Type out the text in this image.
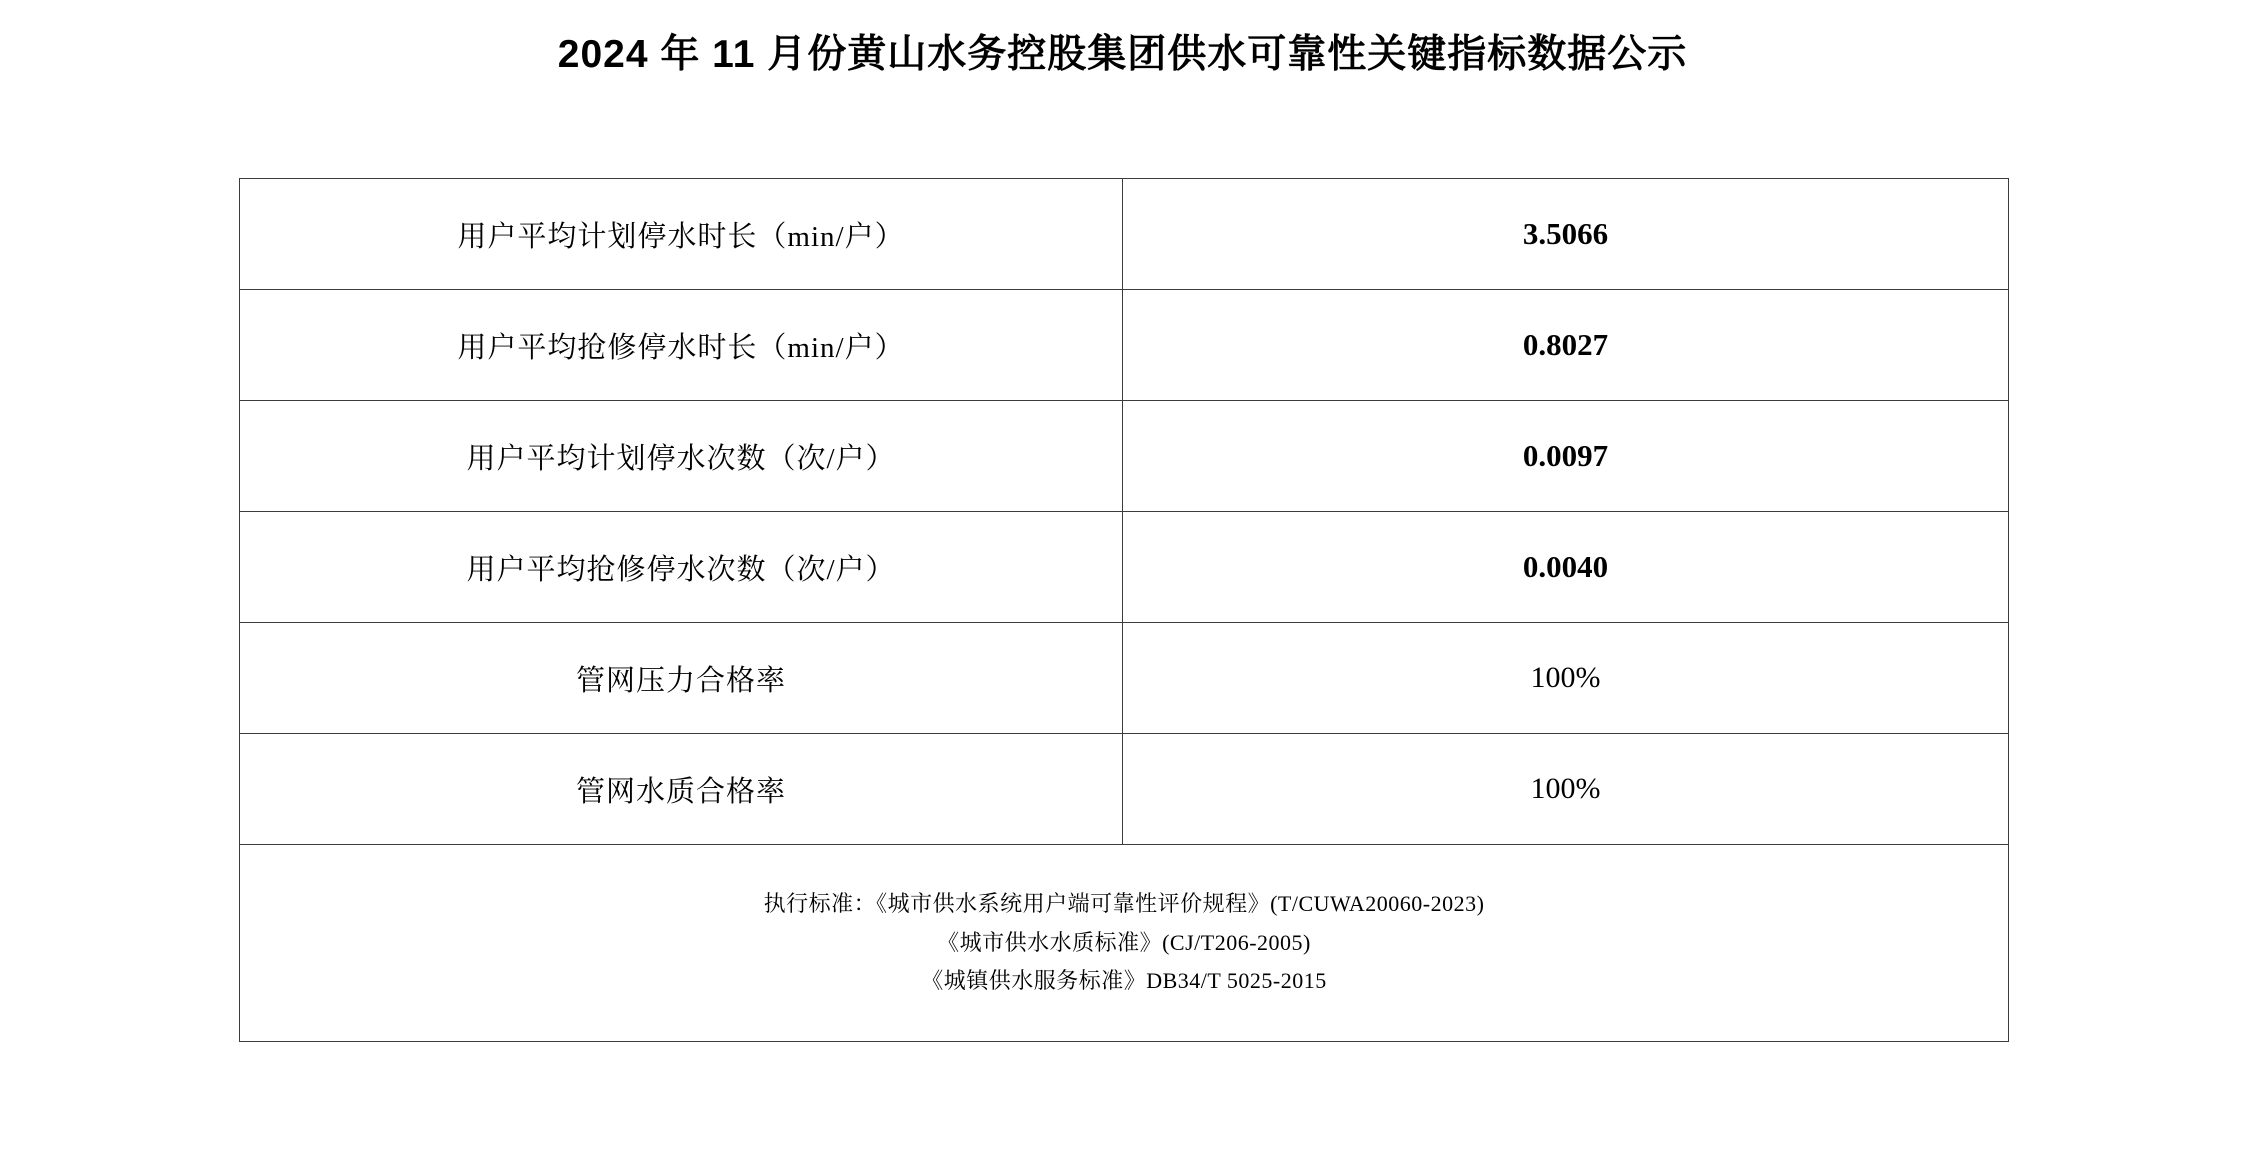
2024 年 11 月份黄山水务控股集团供水可靠性关键指标数据公示
用户平均计划停水时长（min/户）	3.5066
用户平均抢修停水时长（min/户）	0.8027
用户平均计划停水次数（次/户）	0.0097
用户平均抢修停水次数（次/户）	0.0040
管网压力合格率	100%
管网水质合格率	100%

执行标准：《城市供水系统用户端可靠性评价规程》(T/CUWA20060-2023)
《城市供水水质标准》(CJ/T206-2005)
《城镇供水服务标准》DB34/T 5025-2015	
